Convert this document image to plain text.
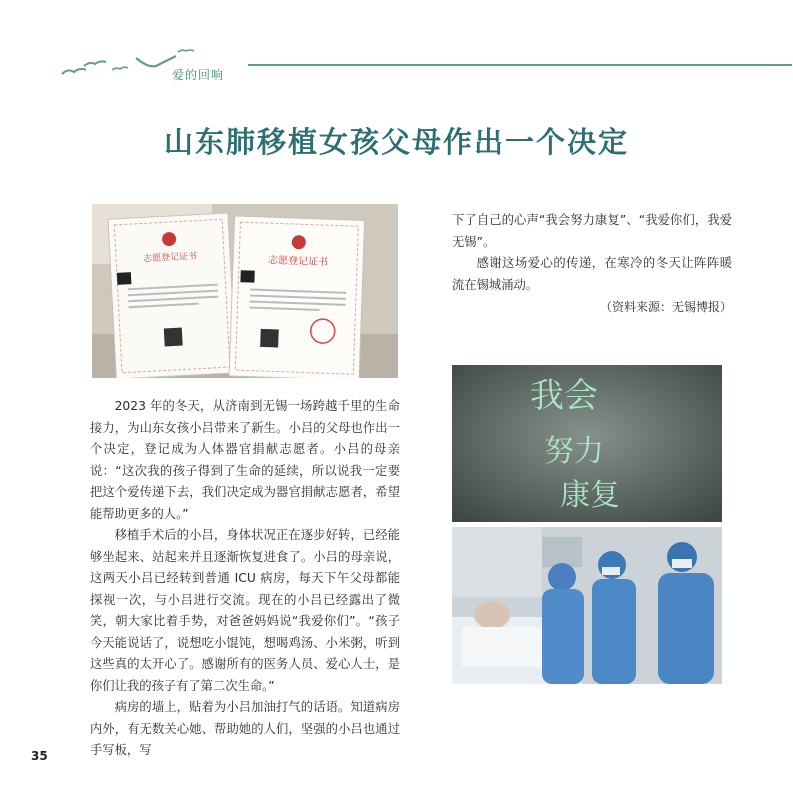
爱的回响
山东肺移植女孩父母作出一个决定
志愿登记证书	志愿登记证书

2023 年的冬天，从济南到无锡一场跨越千里的生命接力，为山东女孩小吕带来了新生。小吕的父母也作出一个决定，登记成为人体器官捐献志愿者。小吕的母亲说：“这次我的孩子得到了生命的延续，所以说我一定要把这个爱传递下去，我们决定成为器官捐献志愿者，希望能帮助更多的人。”

移植手术后的小吕，身体状况正在逐步好转，已经能够坐起来、站起来并且逐渐恢复进食了。小吕的母亲说，这两天小吕已经转到普通 ICU 病房，每天下午父母都能探视一次，与小吕进行交流。现在的小吕已经露出了微笑，朝大家比着手势，对爸爸妈妈说“我爱你们”。“孩子今天能说话了，说想吃小馄饨，想喝鸡汤、小米粥，听到这些真的太开心了。感谢所有的医务人员、爱心人士，是你们让我的孩子有了第二次生命。”

病房的墙上，贴着为小吕加油打气的话语。知道病房内外，有无数关心她、帮助她的人们，坚强的小吕也通过手写板，写

下了自己的心声“我会努力康复”、“我爱你们，我爱无锡”。

感谢这场爱心的传递，在寒冷的冬天让阵阵暖流在锡城涌动。

（资料来源：无锡博报）
我会
努力
康复
35
